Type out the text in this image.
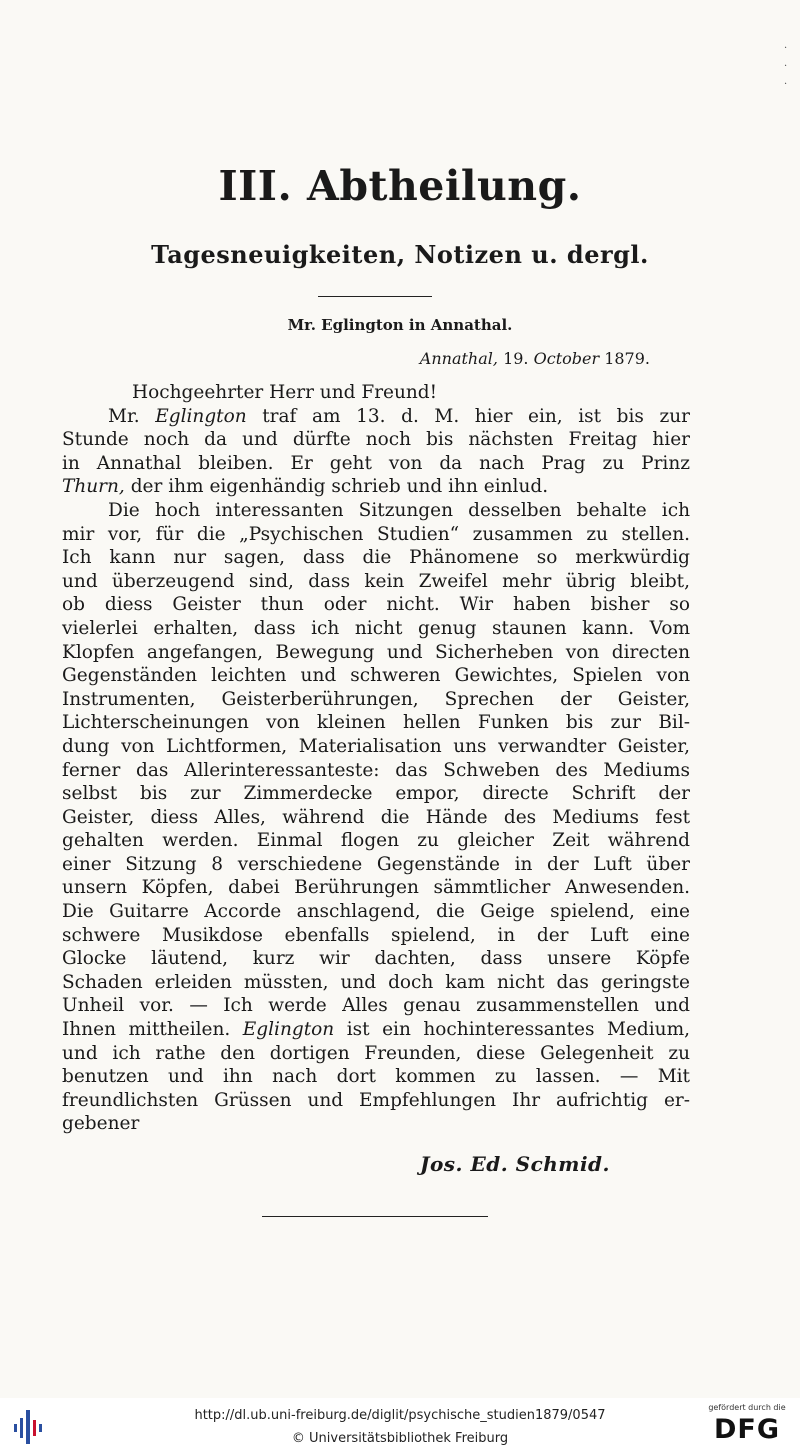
·
·
·
III. Abtheilung.
Tagesneuigkeiten, Notizen u. dergl.
Mr. Eglington in Annathal.
Annathal, 19. October 1879.
Hochgeehrter Herr und Freund!
Mr. Eglington traf am 13. d. M. hier ein, ist bis zur
Stunde noch da und dürfte noch bis nächsten Freitag hier
in Annathal bleiben. Er geht von da nach Prag zu Prinz
Thurn, der ihm eigenhändig schrieb und ihn einlud.
Die hoch interessanten Sitzungen desselben behalte ich
mir vor, für die „Psychischen Studien“ zusammen zu stellen.
Ich kann nur sagen, dass die Phänomene so merkwürdig
und überzeugend sind, dass kein Zweifel mehr übrig bleibt,
ob diess Geister thun oder nicht. Wir haben bisher so
vielerlei erhalten, dass ich nicht genug staunen kann. Vom
Klopfen angefangen, Bewegung und Sicherheben von directen
Gegenständen leichten und schweren Gewichtes, Spielen von
Instrumenten, Geisterberührungen, Sprechen der Geister,
Lichterscheinungen von kleinen hellen Funken bis zur Bil-
dung von Lichtformen, Materialisation uns verwandter Geister,
ferner das Allerinteressanteste: das Schweben des Mediums
selbst bis zur Zimmerdecke empor, directe Schrift der
Geister, diess Alles, während die Hände des Mediums fest
gehalten werden. Einmal flogen zu gleicher Zeit während
einer Sitzung 8 verschiedene Gegenstände in der Luft über
unsern Köpfen, dabei Berührungen sämmtlicher Anwesenden.
Die Guitarre Accorde anschlagend, die Geige spielend, eine
schwere Musikdose ebenfalls spielend, in der Luft eine
Glocke läutend, kurz wir dachten, dass unsere Köpfe
Schaden erleiden müssten, und doch kam nicht das geringste
Unheil vor. — Ich werde Alles genau zusammenstellen und
Ihnen mittheilen. Eglington ist ein hochinteressantes Medium,
und ich rathe den dortigen Freunden, diese Gelegenheit zu
benutzen und ihn nach dort kommen zu lassen. — Mit
freundlichsten Grüssen und Empfehlungen Ihr aufrichtig er-
gebener
Jos. Ed. Schmid.
http://dl.ub.uni-freiburg.de/diglit/psychische_studien1879/0547
© Universitätsbibliothek Freiburg
gefördert durch die
DFG
